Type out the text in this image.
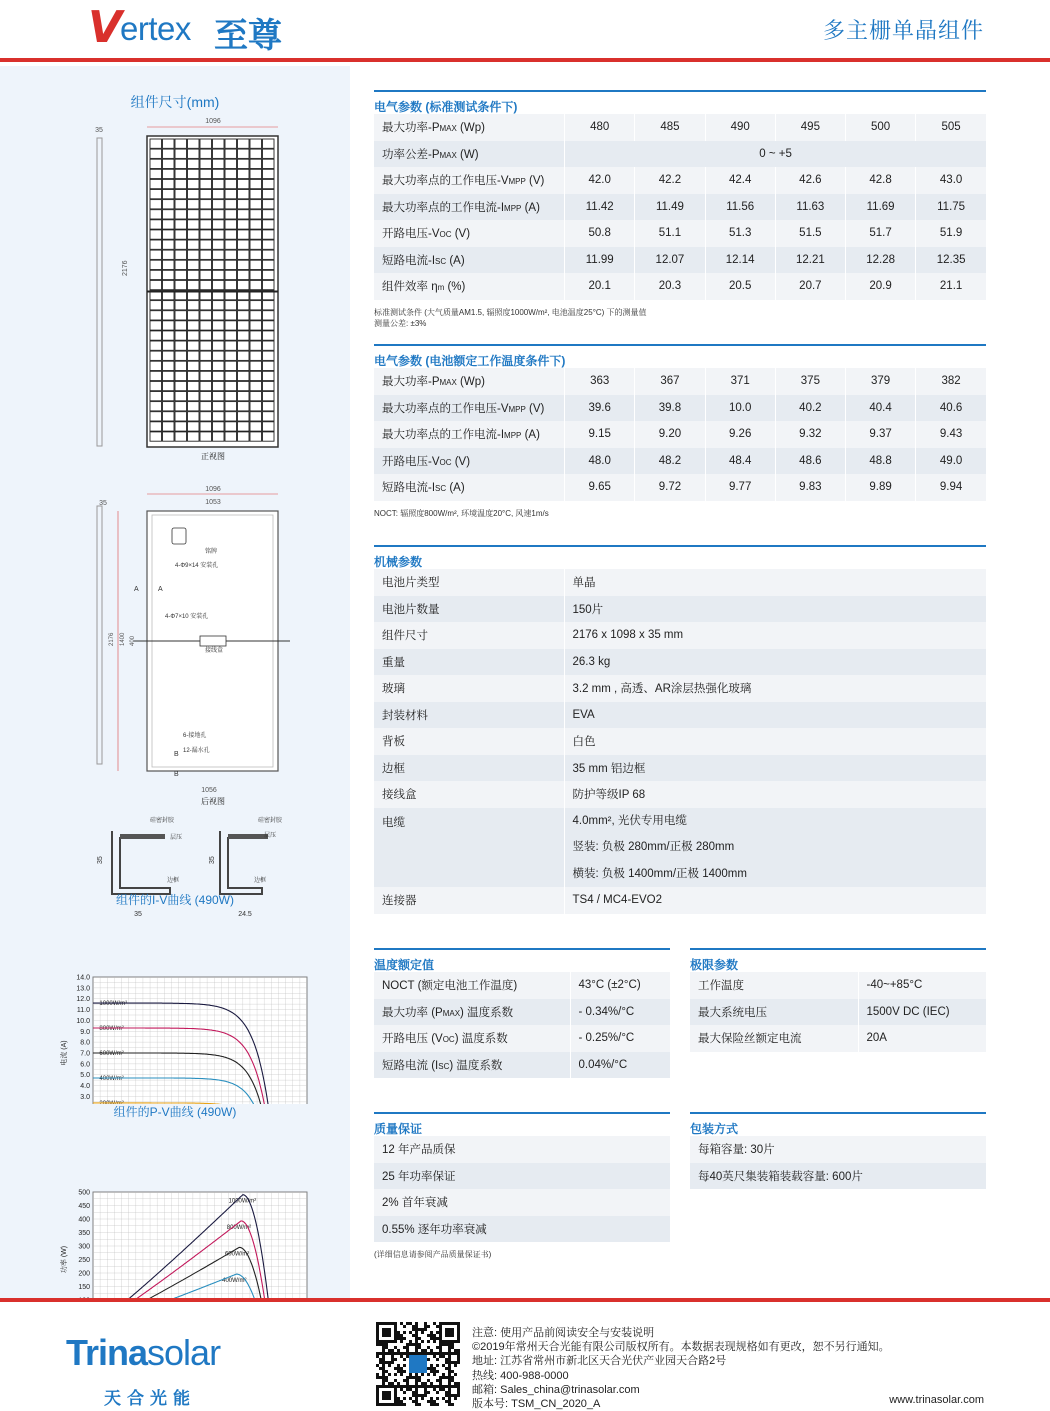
V
ertex 至尊	多主栅单晶组件
组件尺寸(mm)
35
2176
1096
正视图
35
1096
1053
铭牌
4-Φ9×14 安装孔
4-Φ7×10 安装孔
A	A
接线盒
6-接地孔
12-漏水孔
B
B
2176 1400 400
1056
后视图
硅密封胶
层压
边框
35
35
硅密封胶
层压
边框
35
24.5
组件的I-V曲线 (490W)
3.0
4.0
5.0
6.0
7.0
8.0
9.0
10.0
11.0
12.0
13.0
14.0
电流 (A)
1000W/m²
800W/m²
600W/m²
400W/m²
200W/m²
组件的P-V曲线 (490W)
150
200
250
300
350
400
450
500
功率 (W)
1000W/m²
800W/m²
600W/m²
400W/m²
电气参数 (标准测试条件下)
最大功率-PMAX (Wp)	480	485	490	495	500	505
功率公差-PMAX (W)	0 ~ +5					
最大功率点的工作电压-VMPP (V)	42.0	42.2	42.4	42.6	42.8	43.0
最大功率点的工作电流-IMPP (A)	11.42	11.49	11.56	11.63	11.69	11.75
开路电压-VOC (V)	50.8	51.1	51.3	51.5	51.7	51.9
短路电流-ISC (A)	11.99	12.07	12.14	12.21	12.28	12.35
组件效率 ηm (%)	20.1	20.3	20.5	20.7	20.9	21.1
标准测试条件 (大气质量AM1.5, 辐照度1000W/m², 电池温度25°C) 下的测量值
测量公差: ±3%
电气参数 (电池额定工作温度条件下)
最大功率-PMAX (Wp)	363	367	371	375	379	382
最大功率点的工作电压-VMPP (V)	39.6	39.8	10.0	40.2	40.4	40.6
最大功率点的工作电流-IMPP (A)	9.15	9.20	9.26	9.32	9.37	9.43
开路电压-VOC (V)	48.0	48.2	48.4	48.6	48.8	49.0
短路电流-ISC (A)	9.65	9.72	9.77	9.83	9.89	9.94
NOCT: 辐照度800W/m², 环境温度20°C, 风速1m/s
机械参数
电池片类型	单晶
电池片数量	150片
组件尺寸	2176 x 1098 x 35 mm
重量	26.3 kg
玻璃	3.2 mm , 高透、AR涂层热强化玻璃
封装材料	EVA
背板	白色
边框	35 mm 铝边框
接线盒	防护等级IP 68
电缆	4.0mm², 光伏专用电缆
竖装: 负极 280mm/正极 280mm
横装: 负极 1400mm/正极 1400mm

连接器	TS4 / MC4-EVO2
温度额定值
NOCT (额定电池工作温度)	43°C (±2°C)
最大功率 (PMAX) 温度系数	- 0.34%/°C
开路电压 (VOC) 温度系数	- 0.25%/°C
短路电流 (ISC) 温度系数	0.04%/°C
极限参数
工作温度	-40~+85°C
最大系统电压	1500V DC (IEC)
最大保险丝额定电流	20A
质量保证
12 年产品质保
25 年功率保证
2% 首年衰减
0.55% 逐年功率衰减
(详细信息请参阅产品质量保证书)
包装方式
每箱容量: 30片
每40英尺集装箱装载容量: 600片
Trinasolar
天合光能
注意: 使用产品前阅读安全与安装说明
©2019年常州天合光能有限公司版权所有。本数据表现规格如有更改，恕不另行通知。
地址: 江苏省常州市新北区天合光伏产业园天合路2号
热线: 400-988-0000
邮箱: Sales_china@trinasolar.com
版本号: TSM_CN_2020_A	www.trinasolar.com
